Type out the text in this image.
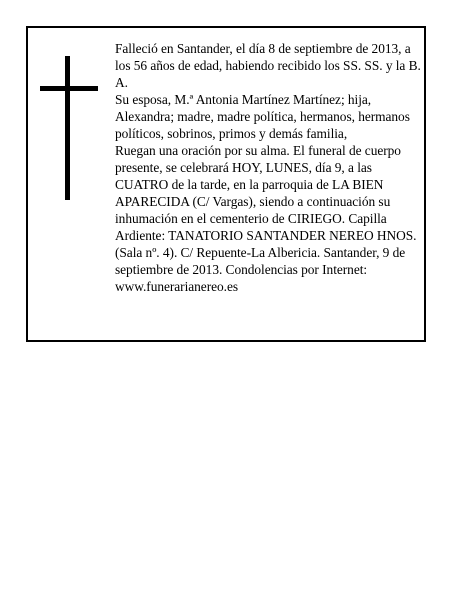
Falleció en Santander, el día 8 de septiembre de 2013, a los 56 años de edad, habiendo recibido los SS. SS. y la B. A.

Su esposa, M.ª Antonia Martínez Martínez; hija, Alexandra; madre, madre política, hermanos, hermanos políticos, sobrinos, primos y demás familia,

Ruegan una oración por su alma. El funeral de cuerpo presente, se celebrará HOY, LUNES, día 9, a las CUATRO de la tarde, en la parroquia de LA BIEN APARECIDA (C/ Vargas), siendo a continuación su inhumación en el cementerio de CIRIEGO. Capilla Ardiente: TANATORIO SANTANDER NEREO HNOS. (Sala nº. 4). C/ Repuente-La Albericia. Santander, 9 de septiembre de 2013. Condolencias por Internet: www.funerarianereo.es
